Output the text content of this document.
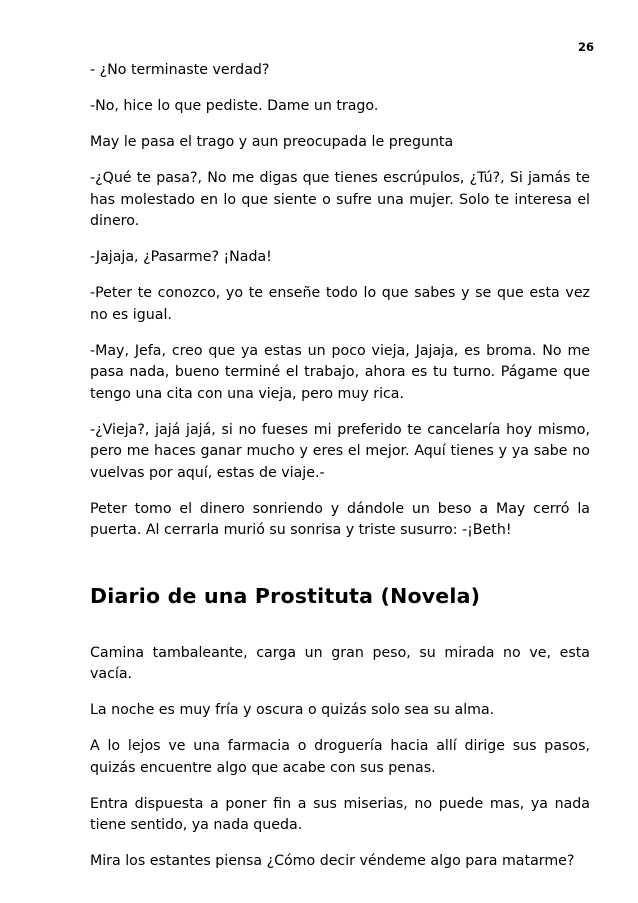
26

- ¿No terminaste verdad?

-No, hice lo que pediste. Dame un trago.

May le pasa el trago y aun preocupada le pregunta

-¿Qué te pasa?, No me digas que tienes escrúpulos, ¿Tú?, Si jamás te has molestado en lo que siente o sufre una mujer. Solo te interesa el dinero.

-Jajaja, ¿Pasarme? ¡Nada!

-Peter te conozco, yo te enseñe todo lo que sabes y se que esta vez no es igual.

-May, Jefa, creo que ya estas un poco vieja, Jajaja, es broma. No me pasa nada, bueno terminé el trabajo, ahora es tu turno. Págame que tengo una cita con una vieja, pero muy rica.

-¿Vieja?, jajá jajá, si no fueses mi preferido te cancelaría hoy mismo, pero me haces ganar mucho y eres el mejor. Aquí tienes y ya sabe no vuelvas por aquí, estas de viaje.-

Peter tomo el dinero sonriendo y dándole un beso a May cerró la puerta. Al cerrarla murió su sonrisa y triste susurro: -¡Beth!

Diario de una Prostituta (Novela)

Camina tambaleante, carga un gran peso, su mirada no ve, esta vacía.

La noche es muy fría y oscura o quizás solo sea su alma.

A lo lejos ve una farmacia o droguería hacia allí dirige sus pasos, quizás encuentre algo que acabe con sus penas.

Entra dispuesta a poner fin a sus miserias, no puede mas, ya nada tiene sentido, ya nada queda.

Mira los estantes piensa ¿Cómo decir véndeme algo para matarme?
